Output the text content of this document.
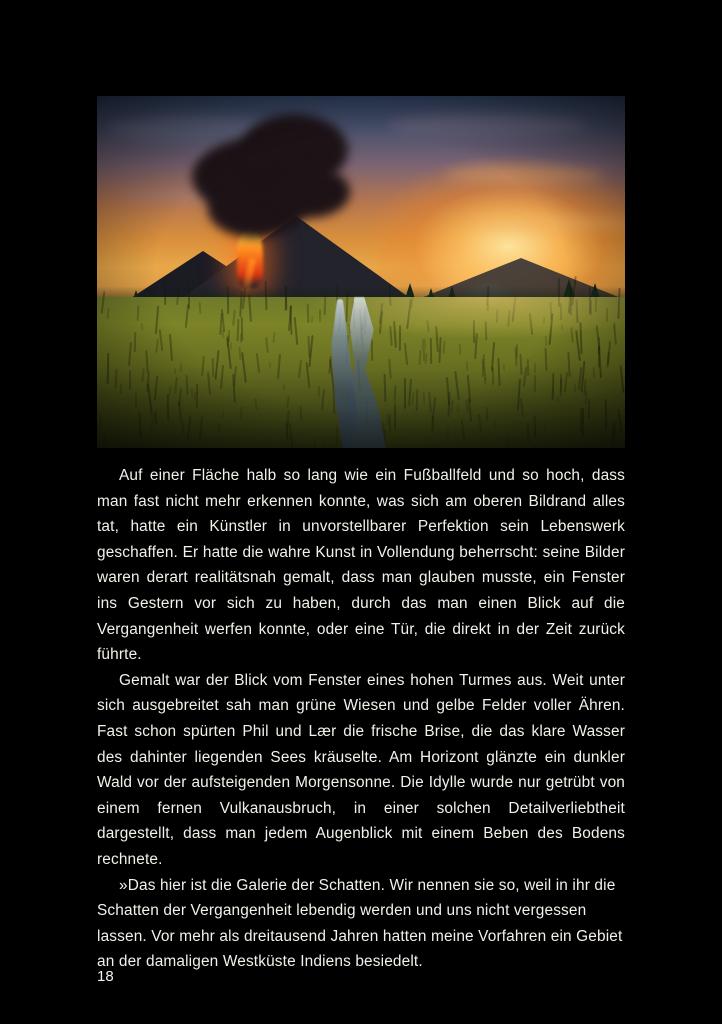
Auf einer Fläche halb so lang wie ein Fußballfeld und so hoch, dass man fast nicht mehr erkennen konnte, was sich am oberen Bildrand alles tat, hatte ein Künstler in unvorstellbarer Perfektion sein Lebenswerk geschaffen. Er hatte die wahre Kunst in Vollendung beherrscht: seine Bilder waren derart realitätsnah gemalt, dass man glauben musste, ein Fenster ins Gestern vor sich zu haben, durch das man einen Blick auf die Vergangenheit werfen konnte, oder eine Tür, die direkt in der Zeit zurück führte.

Gemalt war der Blick vom Fenster eines hohen Turmes aus. Weit unter sich ausgebreitet sah man grüne Wiesen und gelbe Felder voller Ähren. Fast schon spürten Phil und Lær die frische Brise, die das klare Wasser des dahinter liegenden Sees kräuselte. Am Horizont glänzte ein dunkler Wald vor der aufsteigenden Morgensonne. Die Idylle wurde nur getrübt von einem fernen Vulkanausbruch, in einer solchen Detailverliebtheit dargestellt, dass man jedem Augenblick mit einem Beben des Bodens rechnete.

»Das hier ist die Galerie der Schatten. Wir nennen sie so, weil in ihr die Schatten der Vergangenheit lebendig werden und uns nicht vergessen lassen. Vor mehr als dreitausend Jahren hatten meine Vorfahren ein Gebiet an der damaligen Westküste Indiens besiedelt.

18
